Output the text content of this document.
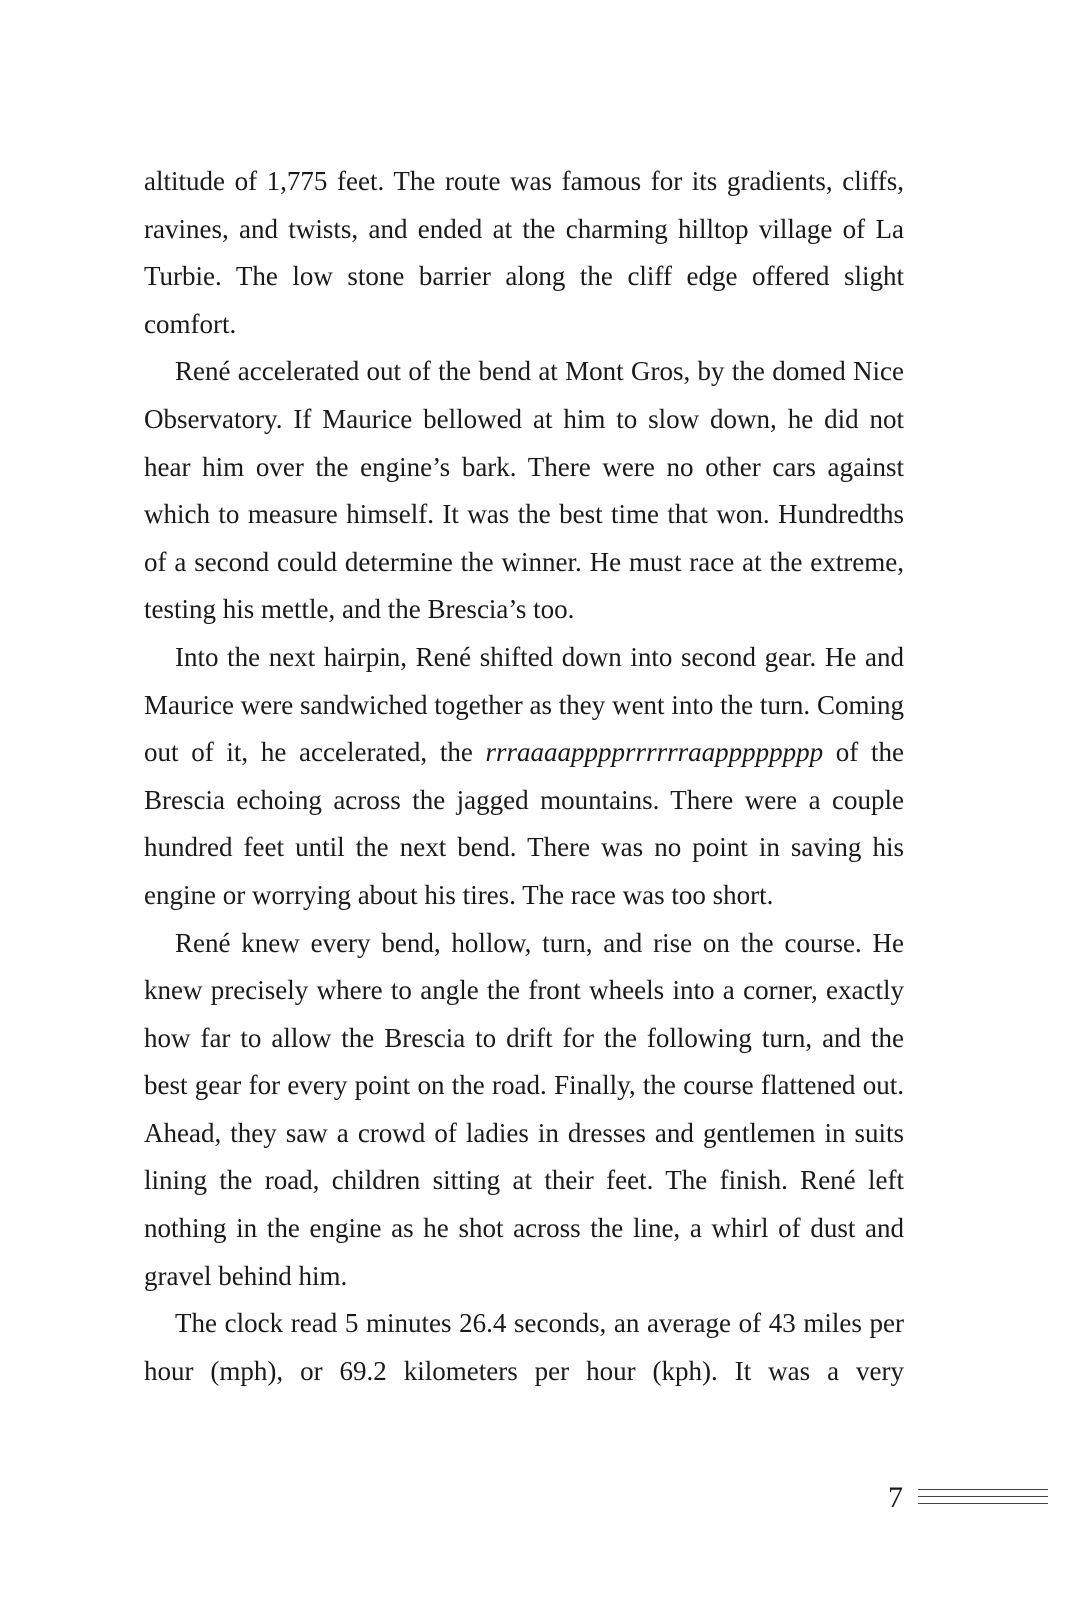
altitude of 1,775 feet. The route was famous for its gradients, cliffs, ravines, and twists, and ended at the charming hilltop village of La Turbie. The low stone barrier along the cliff edge offered slight comfort.

René accelerated out of the bend at Mont Gros, by the domed Nice Observatory. If Maurice bellowed at him to slow down, he did not hear him over the engine’s bark. There were no other cars against which to measure himself. It was the best time that won. Hundredths of a second could determine the winner. He must race at the extreme, testing his mettle, and the Brescia’s too.

Into the next hairpin, René shifted down into second gear. He and Maurice were sandwiched together as they went into the turn. Coming out of it, he accelerated, the rrraaaapppprrrrrraapppppppp of the Brescia echoing across the jagged mountains. There were a couple hundred feet until the next bend. There was no point in saving his engine or worrying about his tires. The race was too short.

René knew every bend, hollow, turn, and rise on the course. He knew precisely where to angle the front wheels into a corner, exactly how far to allow the Brescia to drift for the following turn, and the best gear for every point on the road. Finally, the course flattened out. Ahead, they saw a crowd of ladies in dresses and gentlemen in suits lining the road, children sitting at their feet. The finish. René left nothing in the engine as he shot across the line, a whirl of dust and gravel behind him.

The clock read 5 minutes 26.4 seconds, an average of 43 miles per hour (mph), or 69.2 kilometers per hour (kph). It was a very

7
